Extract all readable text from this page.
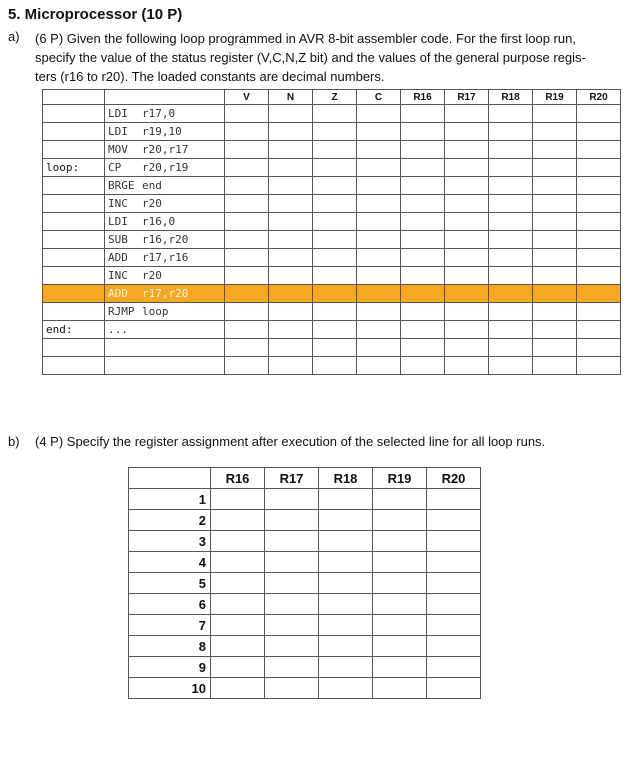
5. Microprocessor (10 P)
a)	(6 P) Given the following loop programmed in AVR 8-bit assembler code. For the first loop run,
specify the value of the status register (V,C,N,Z bit) and the values of the general purpose regis-
ters (r16 to r20). The loaded constants are decimal numbers.
		V	N	Z	C	R16	R17	R18	R19	R20
	LDI r17,0									
	LDI r19,10									
	MOV r20,r17									
loop:	CP r20,r19									
	BRGE end									
	INC r20									
	LDI r16,0									
	SUB r16,r20									
	ADD r17,r16									
	INC r20									
	ADD r17,r20									
	RJMP loop									
end:	...									

b) (4 P) Specify the register assignment after execution of the selected line for all loop runs.
	R16	R17	R18	R19	R20
1					
2					
3					
4					
5					
6					
7					
8					
9					
10					
